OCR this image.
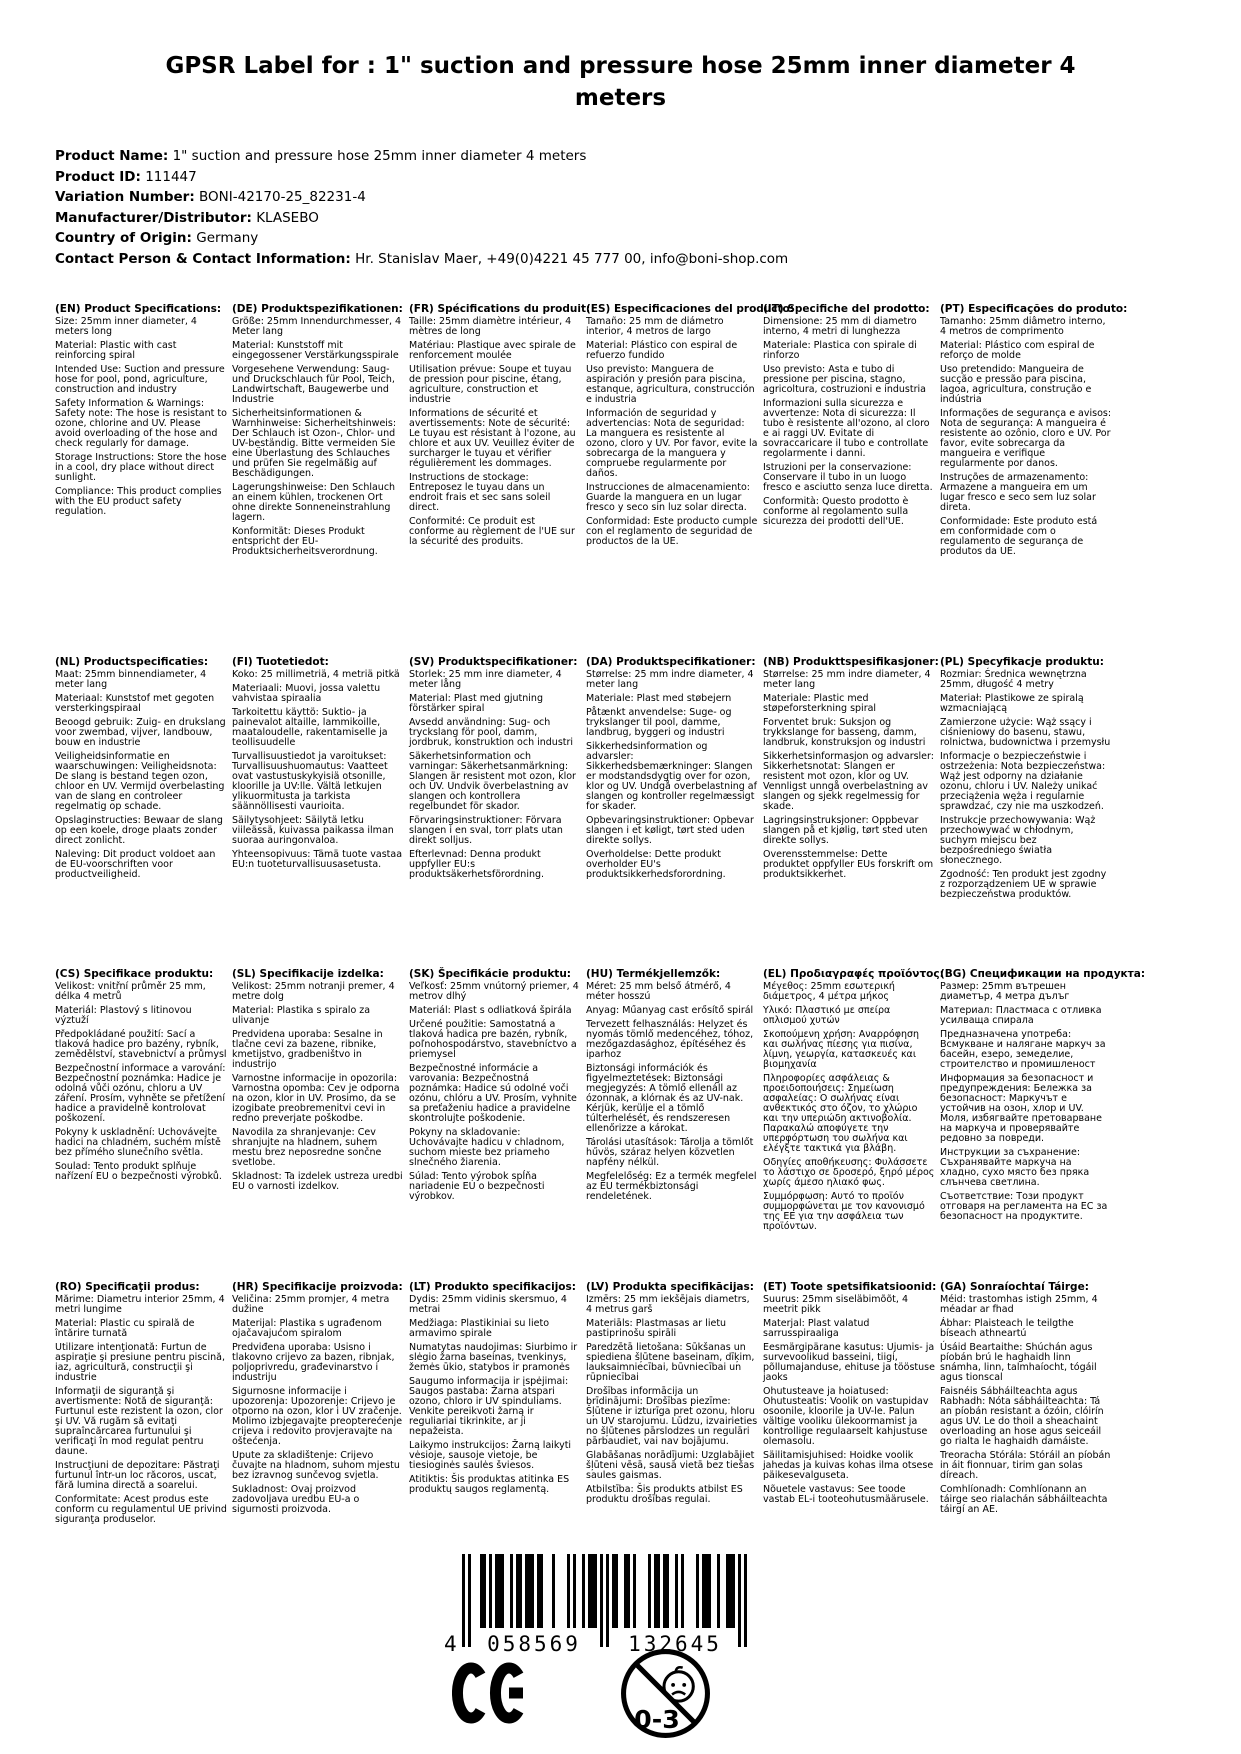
GPSR Label for : 1" suction and pressure hose 25mm inner diameter 4 meters
Product Name: 1" suction and pressure hose 25mm inner diameter 4 meters
Product ID: 111447
Variation Number: BONI-42170-25_82231-4
Manufacturer/Distributor: KLASEBO
Country of Origin: Germany
Contact Person & Contact Information: Hr. Stanislav Maer, +49(0)4221 45 777 00, info@boni-shop.com
(EN) Product Specifications:

Size: 25mm inner diameter, 4 meters long

Material: Plastic with cast reinforcing spiral

Intended Use: Suction and pressure hose for pool, pond, agriculture, construction and industry

Safety Information & Warnings: Safety note: The hose is resistant to ozone, chlorine and UV. Please avoid overloading of the hose and check regularly for damage.

Storage Instructions: Store the hose in a cool, dry place without direct sunlight.

Compliance: This product complies with the EU product safety regulation.

(DE) Produktspezifikationen:

Größe: 25mm Innendurchmesser, 4 Meter lang

Material: Kunststoff mit eingegossener Verstärkungsspirale

Vorgesehene Verwendung: Saug- und Druckschlauch für Pool, Teich, Landwirtschaft, Baugewerbe und Industrie

Sicherheitsinformationen & Warnhinweise: Sicherheitshinweis: Der Schlauch ist Ozon-, Chlor- und UV-beständig. Bitte vermeiden Sie eine Überlastung des Schlauches und prüfen Sie regelmäßig auf Beschädigungen.

Lagerungshinweise: Den Schlauch an einem kühlen, trockenen Ort ohne direkte Sonneneinstrahlung lagern.

Konformität: Dieses Produkt entspricht der EU-Produktsicherheitsverordnung.

(FR) Spécifications du produit:

Taille: 25mm diamètre intérieur, 4 mètres de long

Matériau: Plastique avec spirale de renforcement moulée

Utilisation prévue: Soupe et tuyau de pression pour piscine, étang, agriculture, construction et industrie

Informations de sécurité et avertissements: Note de sécurité: Le tuyau est résistant à l'ozone, au chlore et aux UV. Veuillez éviter de surcharger le tuyau et vérifier régulièrement les dommages.

Instructions de stockage: Entreposez le tuyau dans un endroit frais et sec sans soleil direct.

Conformité: Ce produit est conforme au règlement de l'UE sur la sécurité des produits.

(ES) Especificaciones del producto:

Tamaño: 25 mm de diámetro interior, 4 metros de largo

Material: Plástico con espiral de refuerzo fundido

Uso previsto: Manguera de aspiración y presión para piscina, estanque, agricultura, construcción e industria

Información de seguridad y advertencias: Nota de seguridad: La manguera es resistente al ozono, cloro y UV. Por favor, evite la sobrecarga de la manguera y compruebe regularmente por daños.

Instrucciones de almacenamiento: Guarde la manguera en un lugar fresco y seco sin luz solar directa.

Conformidad: Este producto cumple con el reglamento de seguridad de productos de la UE.

(IT) Specifiche del prodotto:

Dimensione: 25 mm di diametro interno, 4 metri di lunghezza

Materiale: Plastica con spirale di rinforzo

Uso previsto: Asta e tubo di pressione per piscina, stagno, agricoltura, costruzioni e industria

Informazioni sulla sicurezza e avvertenze: Nota di sicurezza: Il tubo è resistente all'ozono, al cloro e ai raggi UV. Evitate di sovraccaricare il tubo e controllate regolarmente i danni.

Istruzioni per la conservazione: Conservare il tubo in un luogo fresco e asciutto senza luce diretta.

Conformità: Questo prodotto è conforme al regolamento sulla sicurezza dei prodotti dell'UE.

(PT) Especificações do produto:

Tamanho: 25mm diâmetro interno, 4 metros de comprimento

Material: Plástico com espiral de reforço de molde

Uso pretendido: Mangueira de sucção e pressão para piscina, lagoa, agricultura, construção e indústria

Informações de segurança e avisos: Nota de segurança: A mangueira é resistente ao ozônio, cloro e UV. Por favor, evite sobrecarga da mangueira e verifique regularmente por danos.

Instruções de armazenamento: Armazene a mangueira em um lugar fresco e seco sem luz solar direta.

Conformidade: Este produto está em conformidade com o regulamento de segurança de produtos da UE.

(NL) Productspecificaties:

Maat: 25mm binnendiameter, 4 meter lang

Materiaal: Kunststof met gegoten versterkingspiraal

Beoogd gebruik: Zuig- en drukslang voor zwembad, vijver, landbouw, bouw en industrie

Veiligheidsinformatie en waarschuwingen: Veiligheidsnota: De slang is bestand tegen ozon, chloor en UV. Vermijd overbelasting van de slang en controleer regelmatig op schade.

Opslaginstructies: Bewaar de slang op een koele, droge plaats zonder direct zonlicht.

Naleving: Dit product voldoet aan de EU-voorschriften voor productveiligheid.

(FI) Tuotetiedot:

Koko: 25 millimetriä, 4 metriä pitkä

Materiaali: Muovi, jossa valettu vahvistaa spiraalia

Tarkoitettu käyttö: Suktio- ja painevalot altaille, lammikoille, maataloudelle, rakentamiselle ja teollisuudelle

Turvallisuustiedot ja varoitukset: Turvallisuushuomautus: Vaatteet ovat vastustuskykyisiä otsonille, kloorille ja UV:lle. Vältä letkujen ylikuormitusta ja tarkista säännöllisesti vaurioita.

Säilytysohjeet: Säilytä letku viileässä, kuivassa paikassa ilman suoraa auringonvaloa.

Yhteensopivuus: Tämä tuote vastaa EU:n tuoteturvallisuusasetusta.

(SV) Produktspecifikationer:

Storlek: 25 mm inre diameter, 4 meter lång

Material: Plast med gjutning förstärker spiral

Avsedd användning: Sug- och tryckslang för pool, damm, jordbruk, konstruktion och industri

Säkerhetsinformation och varningar: Säkerhetsanmärkning: Slangen är resistent mot ozon, klor och UV. Undvik överbelastning av slangen och kontrollera regelbundet för skador.

Förvaringsinstruktioner: Förvara slangen i en sval, torr plats utan direkt solljus.

Efterlevnad: Denna produkt uppfyller EU:s produktsäkerhetsförordning.

(DA) Produktspecifikationer:

Størrelse: 25 mm indre diameter, 4 meter lang

Materiale: Plast med støbejern

Påtænkt anvendelse: Suge- og trykslanger til pool, damme, landbrug, byggeri og industri

Sikkerhedsinformation og advarsler: Sikkerhedsbemærkninger: Slangen er modstandsdygtig over for ozon, klor og UV. Undgå overbelastning af slangen og kontroller regelmæssigt for skader.

Opbevaringsinstruktioner: Opbevar slangen i et køligt, tørt sted uden direkte sollys.

Overholdelse: Dette produkt overholder EU's produktsikkerhedsforordning.

(NB) Produkttspesifikasjoner:

Størrelse: 25 mm indre diameter, 4 meter lang

Materiale: Plastic med støpeforsterkning spiral

Forventet bruk: Suksjon og trykkslange for basseng, damm, landbruk, konstruksjon og industri

Sikkerhetsinformasjon og advarsler: Sikkerhetsnotat: Slangen er resistent mot ozon, klor og UV. Vennligst unngå overbelastning av slangen og sjekk regelmessig for skade.

Lagringsinstruksjoner: Oppbevar slangen på et kjølig, tørt sted uten direkte sollys.

Overensstemmelse: Dette produktet oppfyller EUs forskrift om produktsikkerhet.

(PL) Specyfikacje produktu:

Rozmiar: Średnica wewnętrzna 25mm, długość 4 metry

Materiał: Plastikowe ze spiralą wzmacniającą

Zamierzone użycie: Wąż ssący i ciśnieniowy do basenu, stawu, rolnictwa, budownictwa i przemysłu

Informacje o bezpieczeństwie i ostrzeżenia: Nota bezpieczeństwa: Wąż jest odporny na działanie ozonu, chloru i UV. Należy unikać przeciążenia węża i regularnie sprawdzać, czy nie ma uszkodzeń.

Instrukcje przechowywania: Wąż przechowywać w chłodnym, suchym miejscu bez bezpośredniego światła słonecznego.

Zgodność: Ten produkt jest zgodny z rozporządzeniem UE w sprawie bezpieczeństwa produktów.

(CS) Specifikace produktu:

Velikost: vnitřní průměr 25 mm, délka 4 metrů

Materiál: Plastový s litinovou výztuží

Předpokládané použití: Sací a tlaková hadice pro bazény, rybník, zemědělství, stavebnictví a průmysl

Bezpečnostní informace a varování: Bezpečnostní poznámka: Hadice je odolná vůči ozónu, chloru a UV záření. Prosím, vyhněte se přetížení hadice a pravidelně kontrolovat poškození.

Pokyny k uskladnění: Uchovávejte hadici na chladném, suchém místě bez přímého slunečního světla.

Soulad: Tento produkt splňuje nařízení EU o bezpečnosti výrobků.

(SL) Specifikacije izdelka:

Velikost: 25mm notranji premer, 4 metre dolg

Material: Plastika s spiralo za ulivanje

Predvidena uporaba: Sesalne in tlačne cevi za bazene, ribnike, kmetijstvo, gradbeništvo in industrijo

Varnostne informacije in opozorila: Varnostna opomba: Cev je odporna na ozon, klor in UV. Prosimo, da se izogibate preobremenitvi cevi in redno preverjate poškodbe.

Navodila za shranjevanje: Cev shranjujte na hladnem, suhem mestu brez neposredne sončne svetlobe.

Skladnost: Ta izdelek ustreza uredbi EU o varnosti izdelkov.

(SK) Špecifikácie produktu:

Veľkosť: 25mm vnútorný priemer, 4 metrov dlhý

Materiál: Plast s odliatková špirála

Určené použitie: Samostatná a tlaková hadica pre bazén, rybník, poľnohospodárstvo, stavebníctvo a priemysel

Bezpečnostné informácie a varovania: Bezpečnostná poznámka: Hadice sú odolné voči ozónu, chlóru a UV. Prosím, vyhnite sa preťaženiu hadice a pravidelne skontrolujte poškodenie.

Pokyny na skladovanie: Uchovávajte hadicu v chladnom, suchom mieste bez priameho slnečného žiarenia.

Súlad: Tento výrobok spĺňa nariadenie EÚ o bezpečnosti výrobkov.

(HU) Termékjellemzők:

Méret: 25 mm belső átmérő, 4 méter hosszú

Anyag: Műanyag cast erősítő spirál

Tervezett felhasználás: Helyzet és nyomás tömlő medencéhez, tóhoz, mezőgazdasághoz, építéséhez és iparhoz

Biztonsági információk és figyelmeztetések: Biztonsági megjegyzés: A tömlő ellenáll az ózonnak, a klórnak és az UV-nak. Kérjük, kerülje el a tömlő túlterhelését, és rendszeresen ellenőrizze a károkat.

Tárolási utasítások: Tárolja a tömlőt hűvös, száraz helyen közvetlen napfény nélkül.

Megfelelőség: Ez a termék megfelel az EU termékbiztonsági rendeletének.

(EL) Προδιαγραφές προϊόντος:

Μέγεθος: 25mm εσωτερική διάμετρος, 4 μέτρα μήκος

Υλικό: Πλαστικό με σπείρα οπλισμού χυτών

Σκοπούμενη χρήση: Αναρρόφηση και σωλήνας πίεσης για πισίνα, λίμνη, γεωργία, κατασκευές και βιομηχανία

Πληροφορίες ασφάλειας & προειδοποιήσεις: Σημείωση ασφαλείας: Ο σωλήνας είναι ανθεκτικός στο όζον, το χλώριο και την υπεριώδη ακτινοβολία. Παρακαλώ αποφύγετε την υπερφόρτωση του σωλήνα και ελέγξτε τακτικά για βλάβη.

Οδηγίες αποθήκευσης: Φυλάσσετε το λάστιχο σε δροσερό, ξηρό μέρος χωρίς άμεσο ηλιακό φως.

Συμμόρφωση: Αυτό το προϊόν συμμορφώνεται με τον κανονισμό της ΕΕ για την ασφάλεια των προϊόντων.

(BG) Спецификации на продукта:

Размер: 25mm вътрешен диаметър, 4 метра дълъг

Материал: Пластмаса с отливка усилваща спирала

Предназначена употреба: Всмукване и налягане маркуч за басейн, езеро, земеделие, строителство и промишленост

Информация за безопасност и предупреждения: Бележка за безопасност: Маркучът е устойчив на озон, хлор и UV. Моля, избягвайте претоварване на маркуча и проверявайте редовно за повреди.

Инструкции за съхранение: Съхранявайте маркуча на хладно, сухо място без пряка слънчева светлина.

Съответствие: Този продукт отговаря на регламента на ЕС за безопасност на продуктите.

(RO) Specificaţii produs:

Mărime: Diametru interior 25mm, 4 metri lungime

Material: Plastic cu spirală de întărire turnată

Utilizare intenţionată: Furtun de aspiraţie şi presiune pentru piscină, iaz, agricultură, construcţii şi industrie

Informaţii de siguranţă şi avertismente: Notă de siguranţă: Furtunul este rezistent la ozon, clor şi UV. Vă rugăm să evitaţi supraîncărcarea furtunului şi verificaţi în mod regulat pentru daune.

Instrucţiuni de depozitare: Păstraţi furtunul într-un loc răcoros, uscat, fără lumina directă a soarelui.

Conformitate: Acest produs este conform cu regulamentul UE privind siguranţa produselor.

(HR) Specifikacije proizvoda:

Veličina: 25mm promjer, 4 metra dužine

Materijal: Plastika s ugrađenom ojačavajućom spiralom

Predviđena uporaba: Usisno i tlakovno crijevo za bazen, ribnjak, poljoprivredu, građevinarstvo i industriju

Sigurnosne informacije i upozorenja: Upozorenje: Crijevo je otporno na ozon, klor i UV zračenje. Molimo izbjegavajte preopterećenje crijeva i redovito provjeravajte na oštećenja.

Upute za skladištenje: Crijevo čuvajte na hladnom, suhom mjestu bez izravnog sunčevog svjetla.

Sukladnost: Ovaj proizvod zadovoljava uredbu EU-a o sigurnosti proizvoda.

(LT) Produkto specifikacijos:

Dydis: 25mm vidinis skersmuo, 4 metrai

Medžiaga: Plastikiniai su lieto armavimo spirale

Numatytas naudojimas: Siurbimo ir slėgio žarna baseinas, tvenkinys, žemės ūkio, statybos ir pramonės

Saugumo informacija ir įspėjimai: Saugos pastaba: Žarna atspari ozono, chloro ir UV spinduliams. Venkite pereikvoti žarną ir reguliariai tikrinkite, ar ji nepažeista.

Laikymo instrukcijos: Žarną laikyti vėsioje, sausoje vietoje, be tiesioginės saulės šviesos.

Atitiktis: Šis produktas atitinka ES produktų saugos reglamentą.

(LV) Produkta specifikācijas:

Izmērs: 25 mm iekšējais diametrs, 4 metrus garš

Materiāls: Plastmasas ar lietu pastiprinošu spirāli

Paredzētā lietošana: Sūkšanas un spiediena šļūtene baseinam, dīķim, lauksaimniecībai, būvniecībai un rūpniecībai

Drošības informācija un brīdinājumi: Drošības piezīme: Šļūtene ir izturīga pret ozonu, hloru un UV starojumu. Lūdzu, izvairieties no šļūtenes pārslodzes un regulāri pārbaudiet, vai nav bojājumu.

Glabāšanas norādījumi: Uzglabājiet šļūteni vēsā, sausā vietā bez tiešas saules gaismas.

Atbilstība: Šis produkts atbilst ES produktu drošības regulai.

(ET) Toote spetsifikatsioonid:

Suurus: 25mm siseläbimõõt, 4 meetrit pikk

Materjal: Plast valatud sarrusspiraaliga

Eesmärgipärane kasutus: Ujumis- ja survevoolikud basseini, tiigi, põllumajanduse, ehituse ja tööstuse jaoks

Ohutusteave ja hoiatused: Ohutusteatis: Voolik on vastupidav osoonile, kloorile ja UV-le. Palun vältige vooliku ülekoormamist ja kontrollige regulaarselt kahjustuse olemasolu.

Säilitamisjuhised: Hoidke voolik jahedas ja kuivas kohas ilma otsese päikesevalguseta.

Nõuetele vastavus: See toode vastab EL-i tooteohutusmäärusele.

(GA) Sonraíochtaí Táirge:

Méid: trastomhas istigh 25mm, 4 méadar ar fhad

Ábhar: Plaisteach le teilgthe bíseach athneartú

Úsáid Beartaithe: Shúchán agus píobán brú le haghaidh linn snámha, linn, talmhaíocht, tógáil agus tionscal

Faisnéis Sábháilteachta agus Rabhadh: Nóta sábháilteachta: Tá an píobán resistant a ózóin, clóirín agus UV. Le do thoil a sheachaint overloading an hose agus seiceáil go rialta le haghaidh damáiste.

Treoracha Stórála: Stóráil an píobán in áit fionnuar, tirim gan solas díreach.

Comhlíonadh: Comhlíonann an táirge seo rialachán sábháilteachta táirgí an AE.

4 058569 132645
0-3
